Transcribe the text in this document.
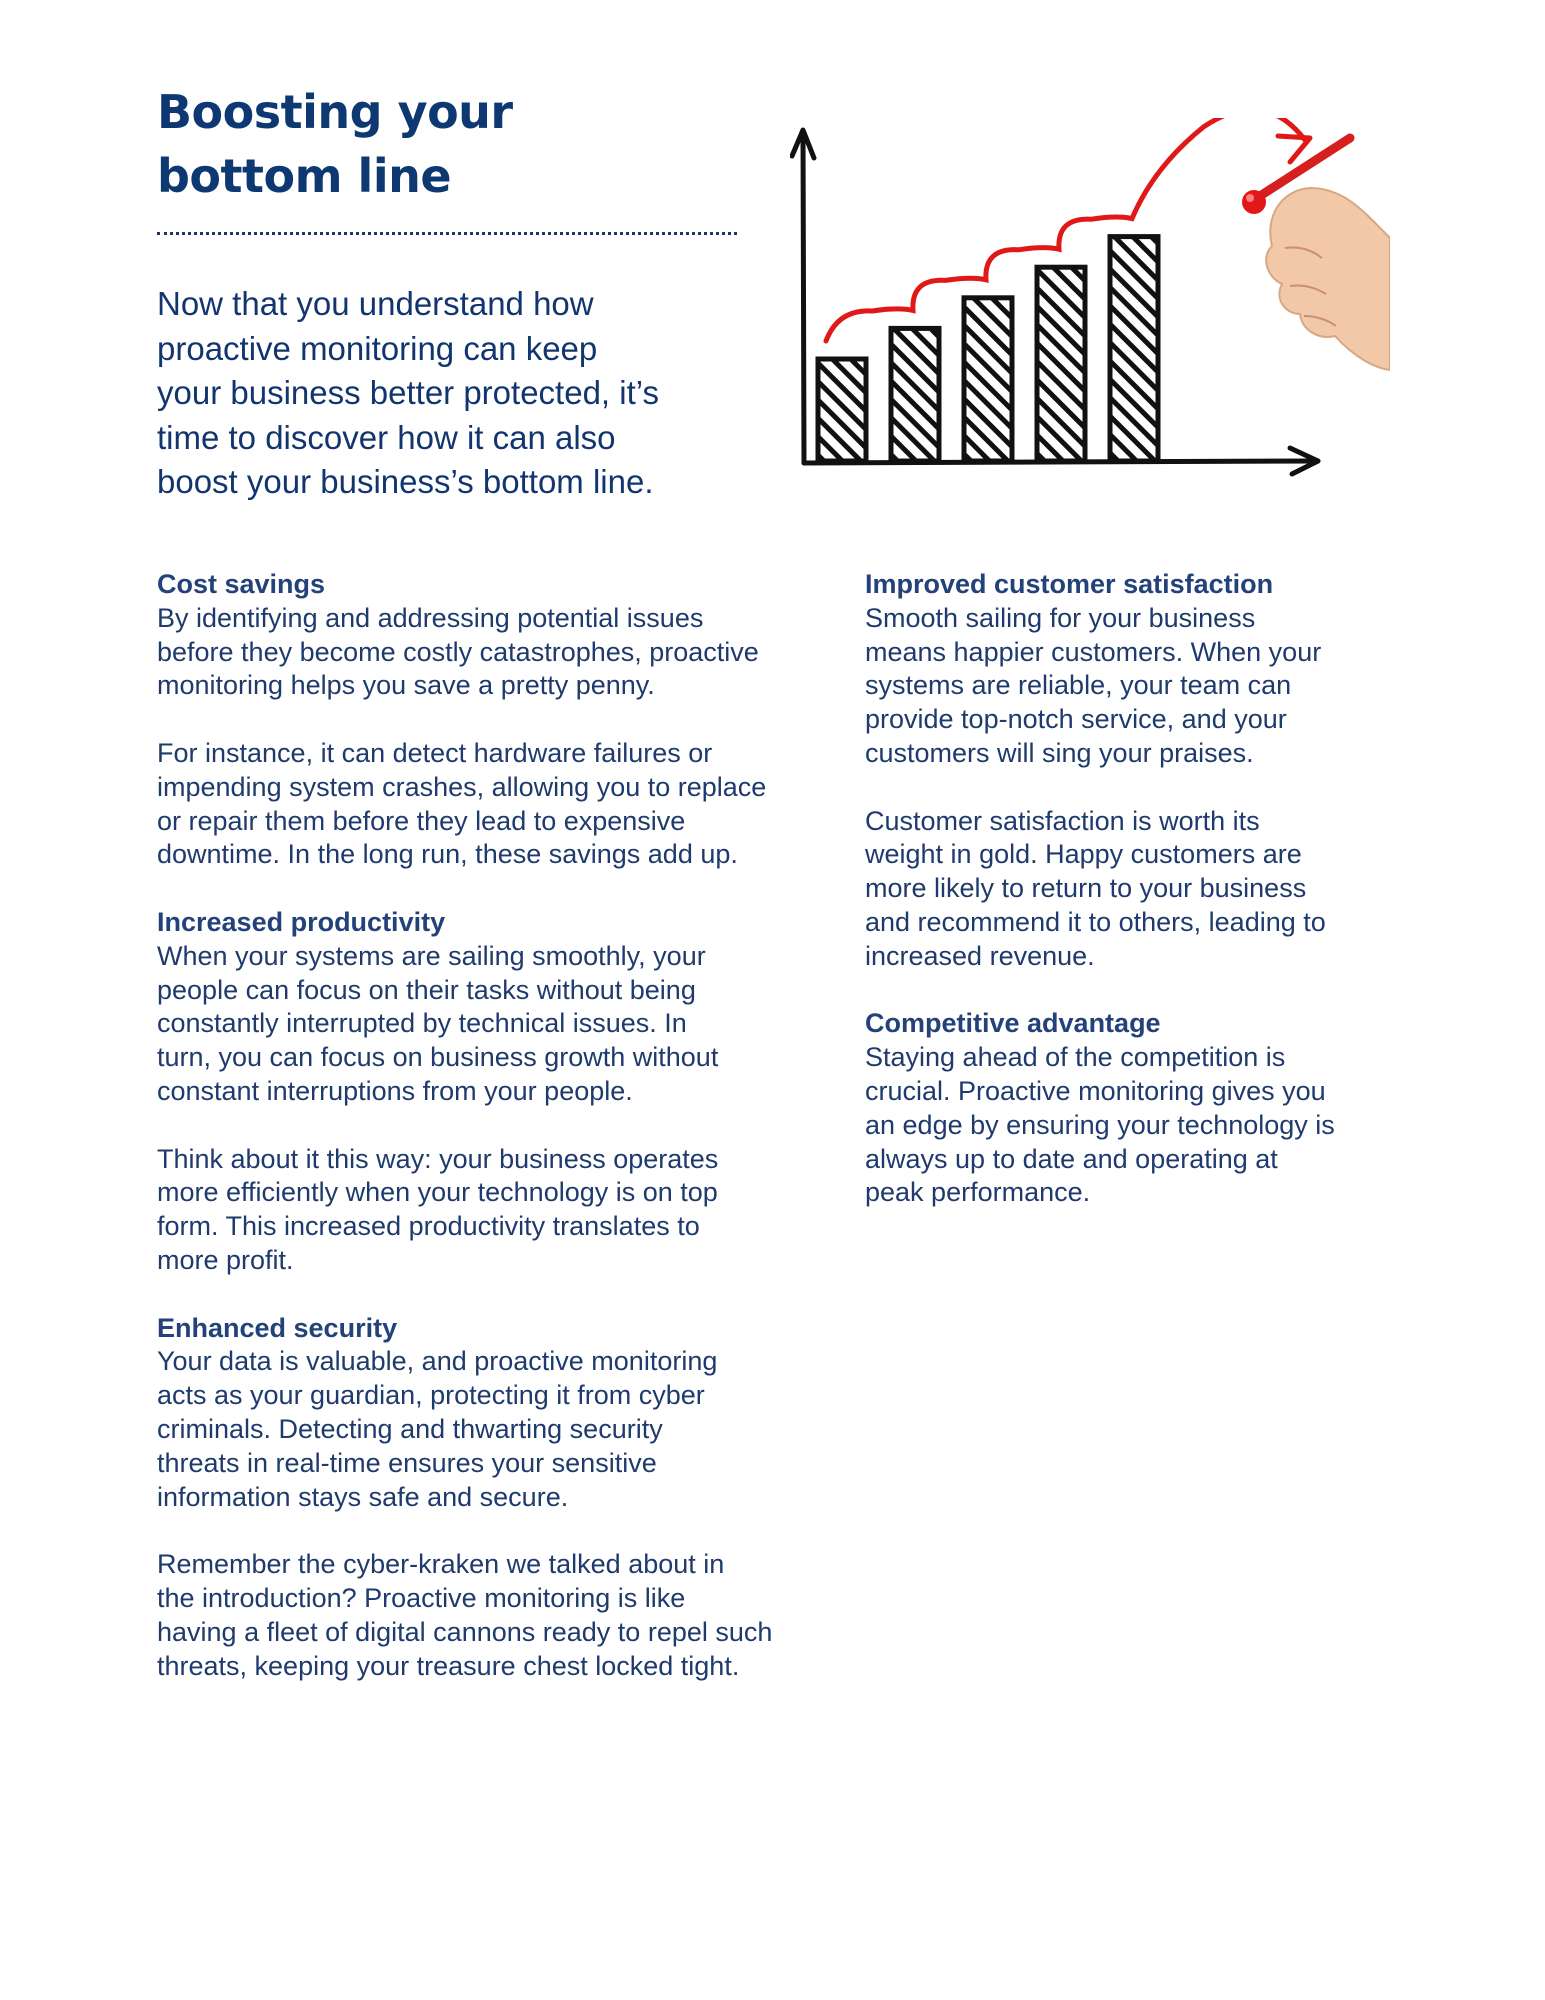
Boosting your
bottom line

Now that you understand how
proactive monitoring can keep
your business better protected, it’s
time to discover how it can also
boost your business’s bottom line.

Cost savings

By identifying and addressing potential issues
before they become costly catastrophes, proactive
monitoring helps you save a pretty penny.

For instance, it can detect hardware failures or
impending system crashes, allowing you to replace
or repair them before they lead to expensive
downtime. In the long run, these savings add up.

Increased productivity

When your systems are sailing smoothly, your
people can focus on their tasks without being
constantly interrupted by technical issues. In
turn, you can focus on business growth without
constant interruptions from your people.

Think about it this way: your business operates
more efficiently when your technology is on top
form. This increased productivity translates to
more profit.

Enhanced security

Your data is valuable, and proactive monitoring
acts as your guardian, protecting it from cyber
criminals. Detecting and thwarting security
threats in real-time ensures your sensitive
information stays safe and secure.

Remember the cyber-kraken we talked about in
the introduction? Proactive monitoring is like
having a fleet of digital cannons ready to repel such
threats, keeping your treasure chest locked tight.

Improved customer satisfaction

Smooth sailing for your business
means happier customers. When your
systems are reliable, your team can
provide top-notch service, and your
customers will sing your praises.

Customer satisfaction is worth its
weight in gold. Happy customers are
more likely to return to your business
and recommend it to others, leading to
increased revenue.

Competitive advantage

Staying ahead of the competition is
crucial. Proactive monitoring gives you
an edge by ensuring your technology is
always up to date and operating at
peak performance.
